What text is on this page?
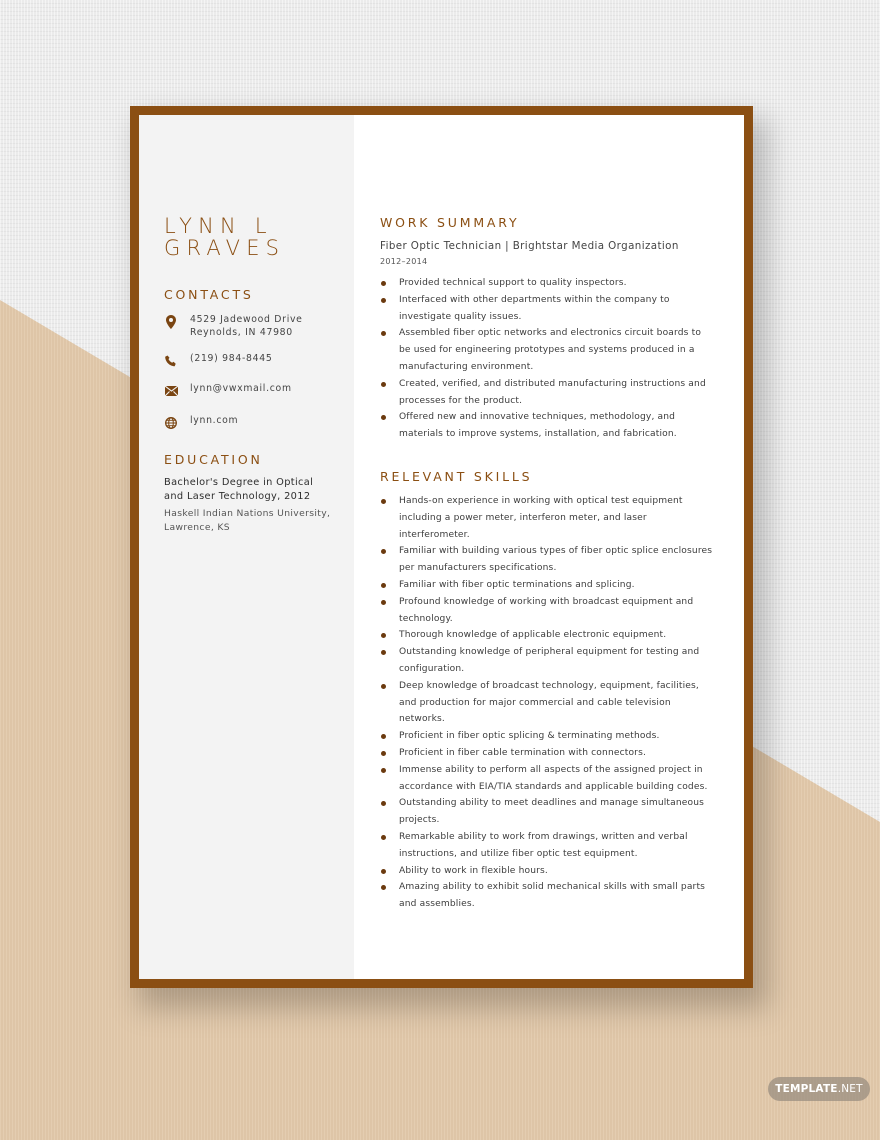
LYNN L
GRAVES
CONTACTS
4529 Jadewood Drive
Reynolds, IN 47980
(219) 984-8445
lynn@vwxmail.com
lynn.com
EDUCATION
Bachelor's Degree in Optical and Laser Technology, 2012
Haskell Indian Nations University, Lawrence, KS
WORK SUMMARY
Fiber Optic Technician | Brightstar Media Organization
2012–2014
Provided technical support to quality inspectors.
Interfaced with other departments within the company to investigate quality issues.
Assembled fiber optic networks and electronics circuit boards to be used for engineering prototypes and systems produced in a manufacturing environment.
Created, verified, and distributed manufacturing instructions and processes for the product.
Offered new and innovative techniques, methodology, and materials to improve systems, installation, and fabrication.
RELEVANT SKILLS
Hands-on experience in working with optical test equipment including a power meter, interferon meter, and laser interferometer.
Familiar with building various types of fiber optic splice enclosures per manufacturers specifications.
Familiar with fiber optic terminations and splicing.
Profound knowledge of working with broadcast equipment and technology.
Thorough knowledge of applicable electronic equipment.
Outstanding knowledge of peripheral equipment for testing and configuration.
Deep knowledge of broadcast technology, equipment, facilities, and production for major commercial and cable television networks.
Proficient in fiber optic splicing & terminating methods.
Proficient in fiber cable termination with connectors.
Immense ability to perform all aspects of the assigned project in accordance with EIA/TIA standards and applicable building codes.
Outstanding ability to meet deadlines and manage simultaneous projects.
Remarkable ability to work from drawings, written and verbal instructions, and utilize fiber optic test equipment.
Ability to work in flexible hours.
Amazing ability to exhibit solid mechanical skills with small parts and assemblies.
TEMPLATE .NET
